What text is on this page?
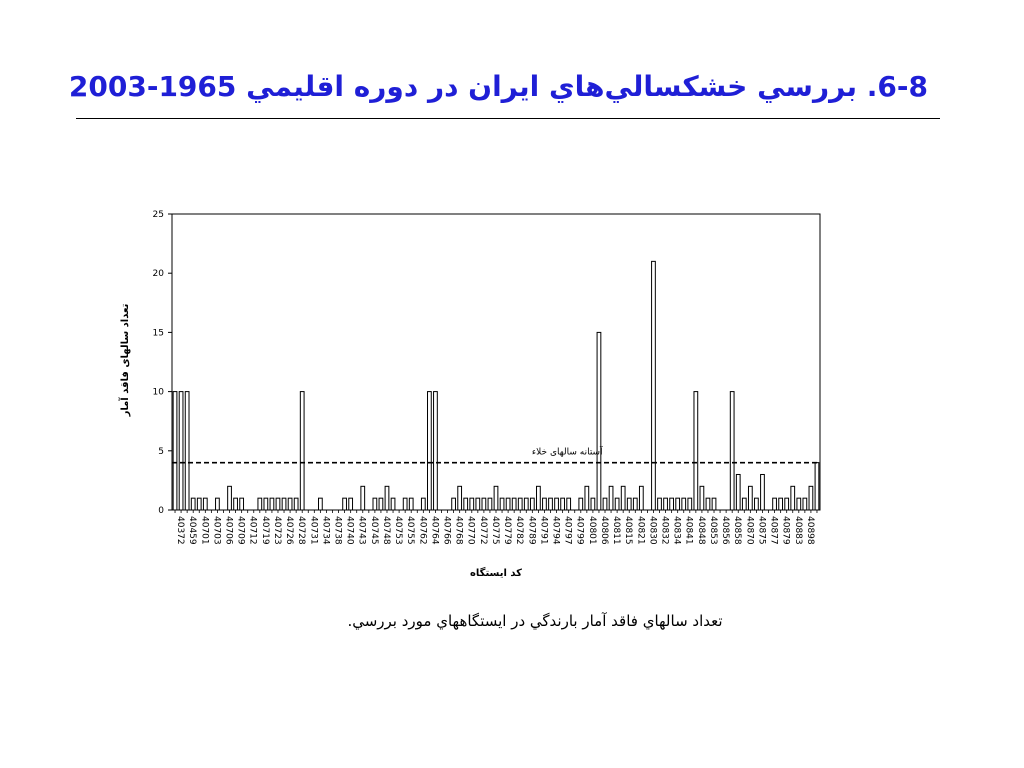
6-8. بررسي خشكسالي‌هاي ايران در دوره اقليمي 1965-2003
تعداد سالهای فاقد آمار
كد ايستگاه
0
5
10
15
20
25
40372 40459 40701 40703 40706 40709 40712 40719 40723 40726 40728 40731 40734 40738 40740 40743 40745 40748 40753 40755 40762 40764 40766 40768 40770 40772 40775 40779 40782 40789 40791 40794 40797 40799 40801 40806 40811 40815 40821 40830 40832 40834 40841 40848 40853 40856 40858 40870 40875 40877 40879 40883 40898
آستانه سالهای خلاء
تعداد سالهاي فاقد آمار بارندگي در ايستگاههاي مورد بررسي.
